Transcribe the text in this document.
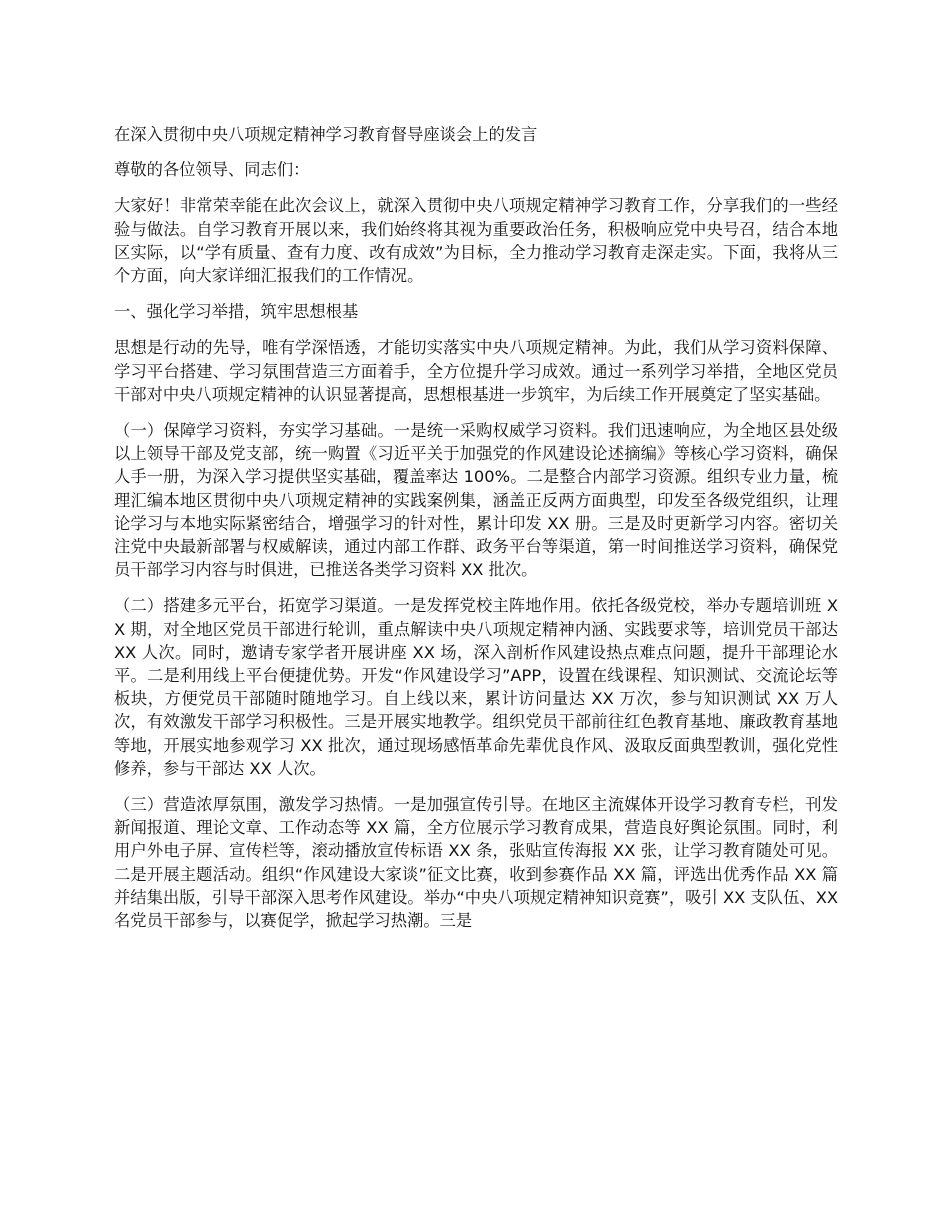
在深入贯彻中央八项规定精神学习教育督导座谈会上的发言

尊敬的各位领导、同志们：

大家好！非常荣幸能在此次会议上，就深入贯彻中央八项规定精神学习教育工作，分享我们的一些经验与做法。自学习教育开展以来，我们始终将其视为重要政治任务，积极响应党中央号召，结合本地区实际，以“学有质量、查有力度、改有成效”为目标，全力推动学习教育走深走实。下面，我将从三个方面，向大家详细汇报我们的工作情况。

一、强化学习举措，筑牢思想根基

思想是行动的先导，唯有学深悟透，才能切实落实中央八项规定精神。为此，我们从学习资料保障、学习平台搭建、学习氛围营造三方面着手，全方位提升学习成效。通过一系列学习举措，全地区党员干部对中央八项规定精神的认识显著提高，思想根基进一步筑牢，为后续工作开展奠定了坚实基础。

（一）保障学习资料，夯实学习基础。一是统一采购权威学习资料。我们迅速响应，为全地区县处级以上领导干部及党支部，统一购置《习近平关于加强党的作风建设论述摘编》等核心学习资料，确保人手一册，为深入学习提供坚实基础，覆盖率达 100%。二是整合内部学习资源。组织专业力量，梳理汇编本地区贯彻中央八项规定精神的实践案例集，涵盖正反两方面典型，印发至各级党组织，让理论学习与本地实际紧密结合，增强学习的针对性，累计印发 XX 册。三是及时更新学习内容。密切关注党中央最新部署与权威解读，通过内部工作群、政务平台等渠道，第一时间推送学习资料，确保党员干部学习内容与时俱进，已推送各类学习资料 XX 批次。

（二）搭建多元平台，拓宽学习渠道。一是发挥党校主阵地作用。依托各级党校，举办专题培训班 XX 期，对全地区党员干部进行轮训，重点解读中央八项规定精神内涵、实践要求等，培训党员干部达 XX 人次。同时，邀请专家学者开展讲座 XX 场，深入剖析作风建设热点难点问题，提升干部理论水平。二是利用线上平台便捷优势。开发“作风建设学习”APP，设置在线课程、知识测试、交流论坛等板块，方便党员干部随时随地学习。自上线以来，累计访问量达 XX 万次，参与知识测试 XX 万人次，有效激发干部学习积极性。三是开展实地教学。组织党员干部前往红色教育基地、廉政教育基地等地，开展实地参观学习 XX 批次，通过现场感悟革命先辈优良作风、汲取反面典型教训，强化党性修养，参与干部达 XX 人次。

（三）营造浓厚氛围，激发学习热情。一是加强宣传引导。在地区主流媒体开设学习教育专栏，刊发新闻报道、理论文章、工作动态等 XX 篇，全方位展示学习教育成果，营造良好舆论氛围。同时，利用户外电子屏、宣传栏等，滚动播放宣传标语 XX 条，张贴宣传海报 XX 张，让学习教育随处可见。二是开展主题活动。组织“作风建设大家谈”征文比赛，收到参赛作品 XX 篇，评选出优秀作品 XX 篇并结集出版，引导干部深入思考作风建设。举办“中央八项规定精神知识竞赛”，吸引 XX 支队伍、XX 名党员干部参与，以赛促学，掀起学习热潮。三是
